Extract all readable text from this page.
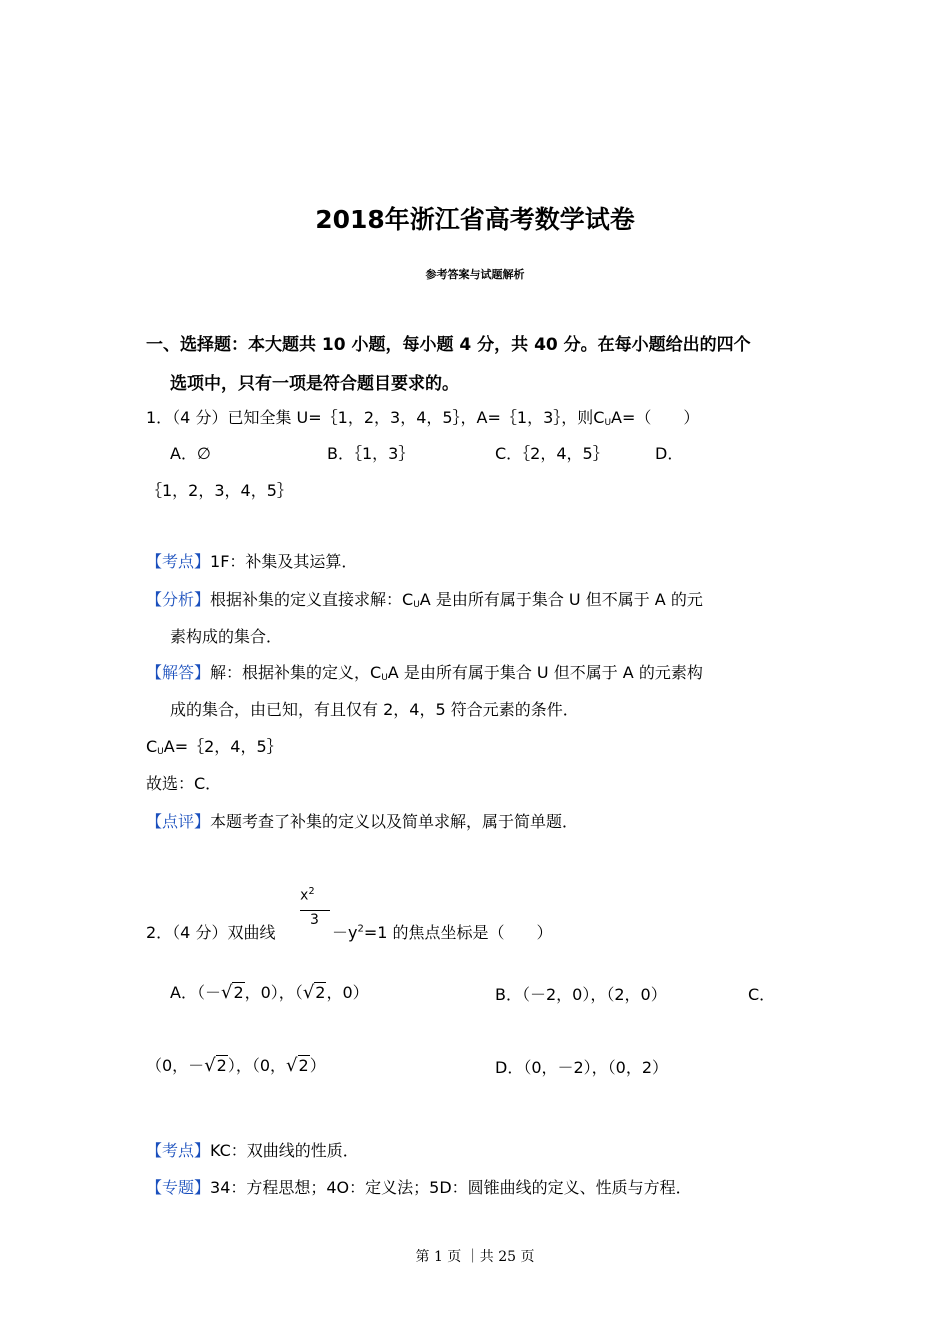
2018年浙江省高考数学试卷
参考答案与试题解析
一、选择题：本大题共 10 小题，每小题 4 分，共 40 分。在每小题给出的四个
选项中，只有一项是符合题目要求的。
1．（4 分）已知全集 U=｛1，2，3，4，5｝，A=｛1，3｝，则$C_UA=$（　　）
A．∅	B．｛1，3｝	C．｛2，4，5｝	D．
｛1，2，3，4，5｝
【考点】1F：补集及其运算．
【分析】根据补集的定义直接求解：$C_UA$ 是由所有属于集合 U 但不属于 A 的元
素构成的集合．
【解答】解：根据补集的定义，$C_UA$ 是由所有属于集合 U 但不属于 A 的元素构
成的集合，由已知，有且仅有 2，4，5 符合元素的条件．
$C_UA=\{2$，4，5｝
故选：C．
【点评】本题考查了补集的定义以及简单求解，属于简单题．
$x^2$
3
2．（4 分）双曲线	$-y^2=1$ 的焦点坐标是（　　）
A．（－√2，0），（√2，0）	B．（－2，0），（2，0）	C．
（0，－√2），（0，√2）	D．（0，－2），（0，2）
【考点】KC：双曲线的性质．
【专题】34：方程思想；4O：定义法；5D：圆锥曲线的定义、性质与方程．
第 1 页 ｜共 25 页
